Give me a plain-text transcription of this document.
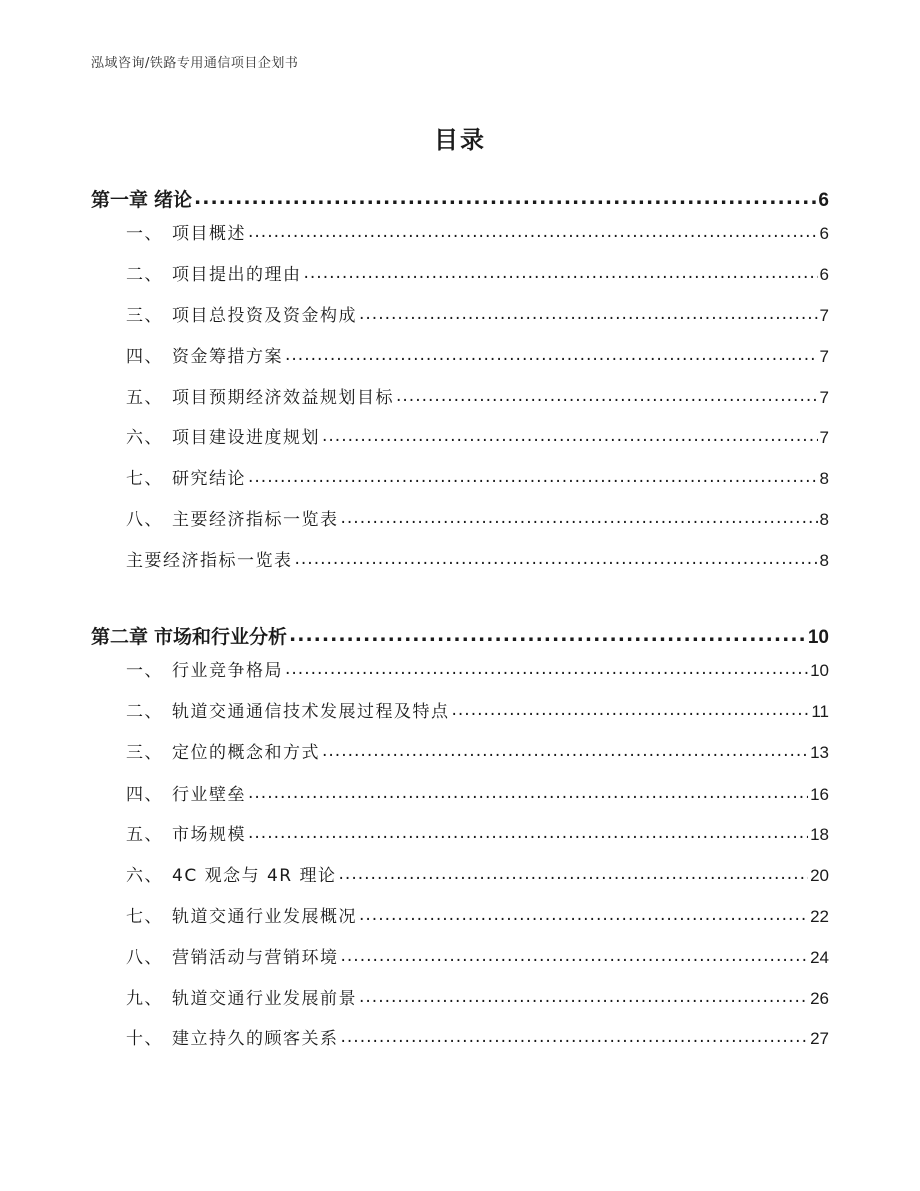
泓域咨询/铁路专用通信项目企划书
目录
第一章 绪论 .....	6
一、 项目概述 .....	6
二、 项目提出的理由 .....	6
三、 项目总投资及资金构成 .....	7
四、 资金筹措方案 .....	7
五、 项目预期经济效益规划目标 .....	7
六、 项目建设进度规划 .....	7
七、 研究结论 .....	8
八、 主要经济指标一览表 .....	8
主要经济指标一览表 .....	8
第二章 市场和行业分析 .....	10
一、 行业竞争格局 .....	10
二、 轨道交通通信技术发展过程及特点 .....	11
三、 定位的概念和方式 .....	13
四、 行业壁垒 .....	16
五、 市场规模 .....	18
六、 4C 观念与 4R 理论 .....	20
七、 轨道交通行业发展概况 .....	22
八、 营销活动与营销环境 .....	24
九、 轨道交通行业发展前景 .....	26
十、 建立持久的顾客关系 .....	27
